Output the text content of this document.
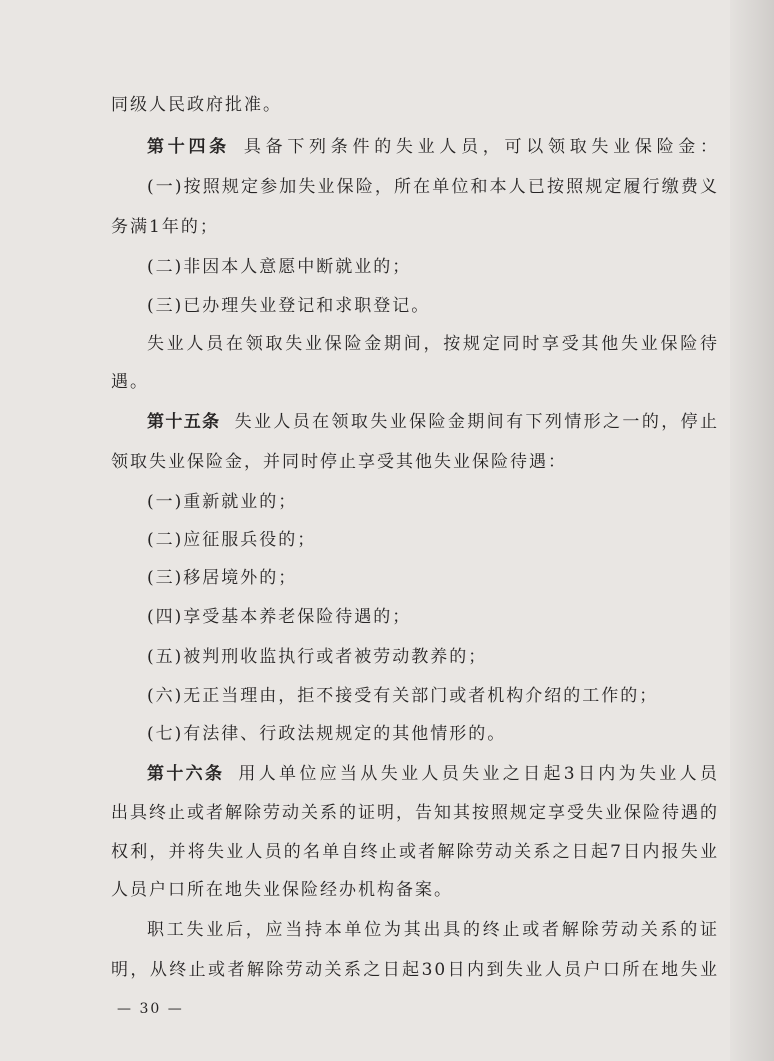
同级人民政府批准。
第十四条 具备下列条件的失业人员，可以领取失业保险金：
(一)按照规定参加失业保险，所在单位和本人已按照规定履行缴费义
务满1年的；
(二)非因本人意愿中断就业的；
(三)已办理失业登记和求职登记。
失业人员在领取失业保险金期间，按规定同时享受其他失业保险待
遇。
第十五条 失业人员在领取失业保险金期间有下列情形之一的，停止
领取失业保险金，并同时停止享受其他失业保险待遇：
(一)重新就业的；
(二)应征服兵役的；
(三)移居境外的；
(四)享受基本养老保险待遇的；
(五)被判刑收监执行或者被劳动教养的；
(六)无正当理由，拒不接受有关部门或者机构介绍的工作的；
(七)有法律、行政法规规定的其他情形的。
第十六条 用人单位应当从失业人员失业之日起3日内为失业人员
出具终止或者解除劳动关系的证明，告知其按照规定享受失业保险待遇的
权利，并将失业人员的名单自终止或者解除劳动关系之日起7日内报失业
人员户口所在地失业保险经办机构备案。
职工失业后，应当持本单位为其出具的终止或者解除劳动关系的证
明，从终止或者解除劳动关系之日起30日内到失业人员户口所在地失业
— 30 —
